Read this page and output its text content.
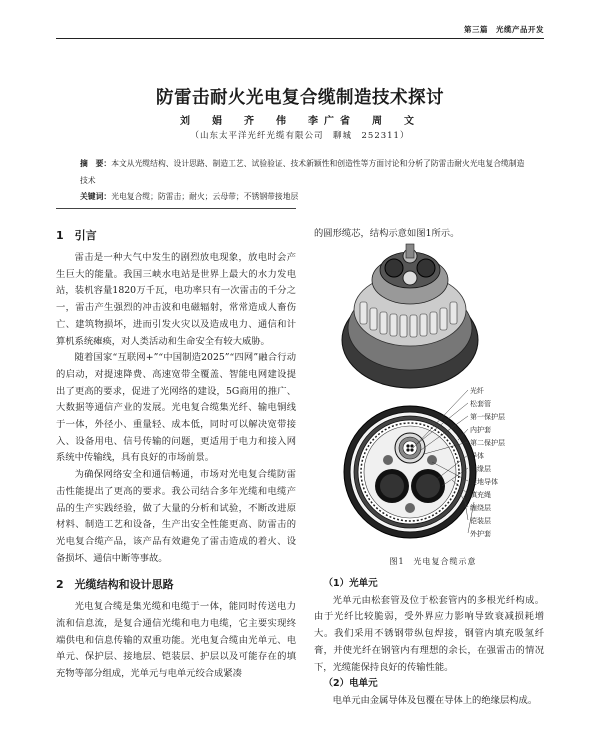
第三篇　光缆产品开发
防雷击耐火光电复合缆制造技术探讨
刘　娟　齐　伟　李广省　周　文
（山东太平洋光纤光缆有限公司　聊城　252311）
摘　要：本文从光缆结构、设计思路、制造工艺、试验验证、技术新颖性和创造性等方面讨论和分析了防雷击耐火光电复合缆制造技术
关键词：光电复合缆；防雷击；耐火；云母带；不锈钢带接地层

1　引言

雷击是一种大气中发生的剧烈放电现象，放电时会产生巨大的能量。我国三峡水电站是世界上最大的水力发电站，装机容量1820万千瓦，电功率只有一次雷击的千分之一，雷击产生强烈的冲击波和电磁辐射，常常造成人畜伤亡、建筑物损坏，进而引发火灾以及造成电力、通信和计算机系统瘫痪，对人类活动和生命安全有较大威胁。

随着国家“互联网+”“中国制造2025”“四网”融合行动的启动，对提速降费、高速宽带全覆盖、智能电网建设提出了更高的要求，促进了光网络的建设，5G商用的推广、大数据等通信产业的发展。光电复合缆集光纤、输电铜线于一体，外径小、重量轻、成本低，同时可以解决宽带接入、设备用电、信号传输的问题，更适用于电力和接入网系统中传输线，具有良好的市场前景。

为确保网络安全和通信畅通，市场对光电复合缆防雷击性能提出了更高的要求。我公司结合多年光缆和电缆产品的生产实践经验，做了大量的分析和试验，不断改进原材料、制造工艺和设备，生产出安全性能更高、防雷击的光电复合缆产品，该产品有效避免了雷击造成的着火、设备损坏、通信中断等事故。

2　光缆结构和设计思路

光电复合缆是集光缆和电缆于一体，能同时传送电力流和信息流，是复合通信光缆和电力电缆，它主要实现终端供电和信息传输的双重功能。光电复合缆由光单元、电单元、保护层、接地层、铠装层、护层以及可能存在的填充物等部分组成，光单元与电单元绞合成紧凑

的圆形缆芯，结构示意如图1所示。

光纤
松套管
第一保护层
内护套
第二保护层
导体
绝缘层
接地导体
填充绳
缠绕层
铠装层
外护套
图1　光电复合缆示意

（1）光单元

光单元由松套管及位于松套管内的多根光纤构成。由于光纤比较脆弱，受外界应力影响导致衰减损耗增大。我们采用不锈钢带纵包焊接，钢管内填充吸氢纤膏，并使光纤在钢管内有理想的余长，在强雷击的情况下，光缆能保持良好的传输性能。

（2）电单元

电单元由金属导体及包覆在导体上的绝缘层构成。
